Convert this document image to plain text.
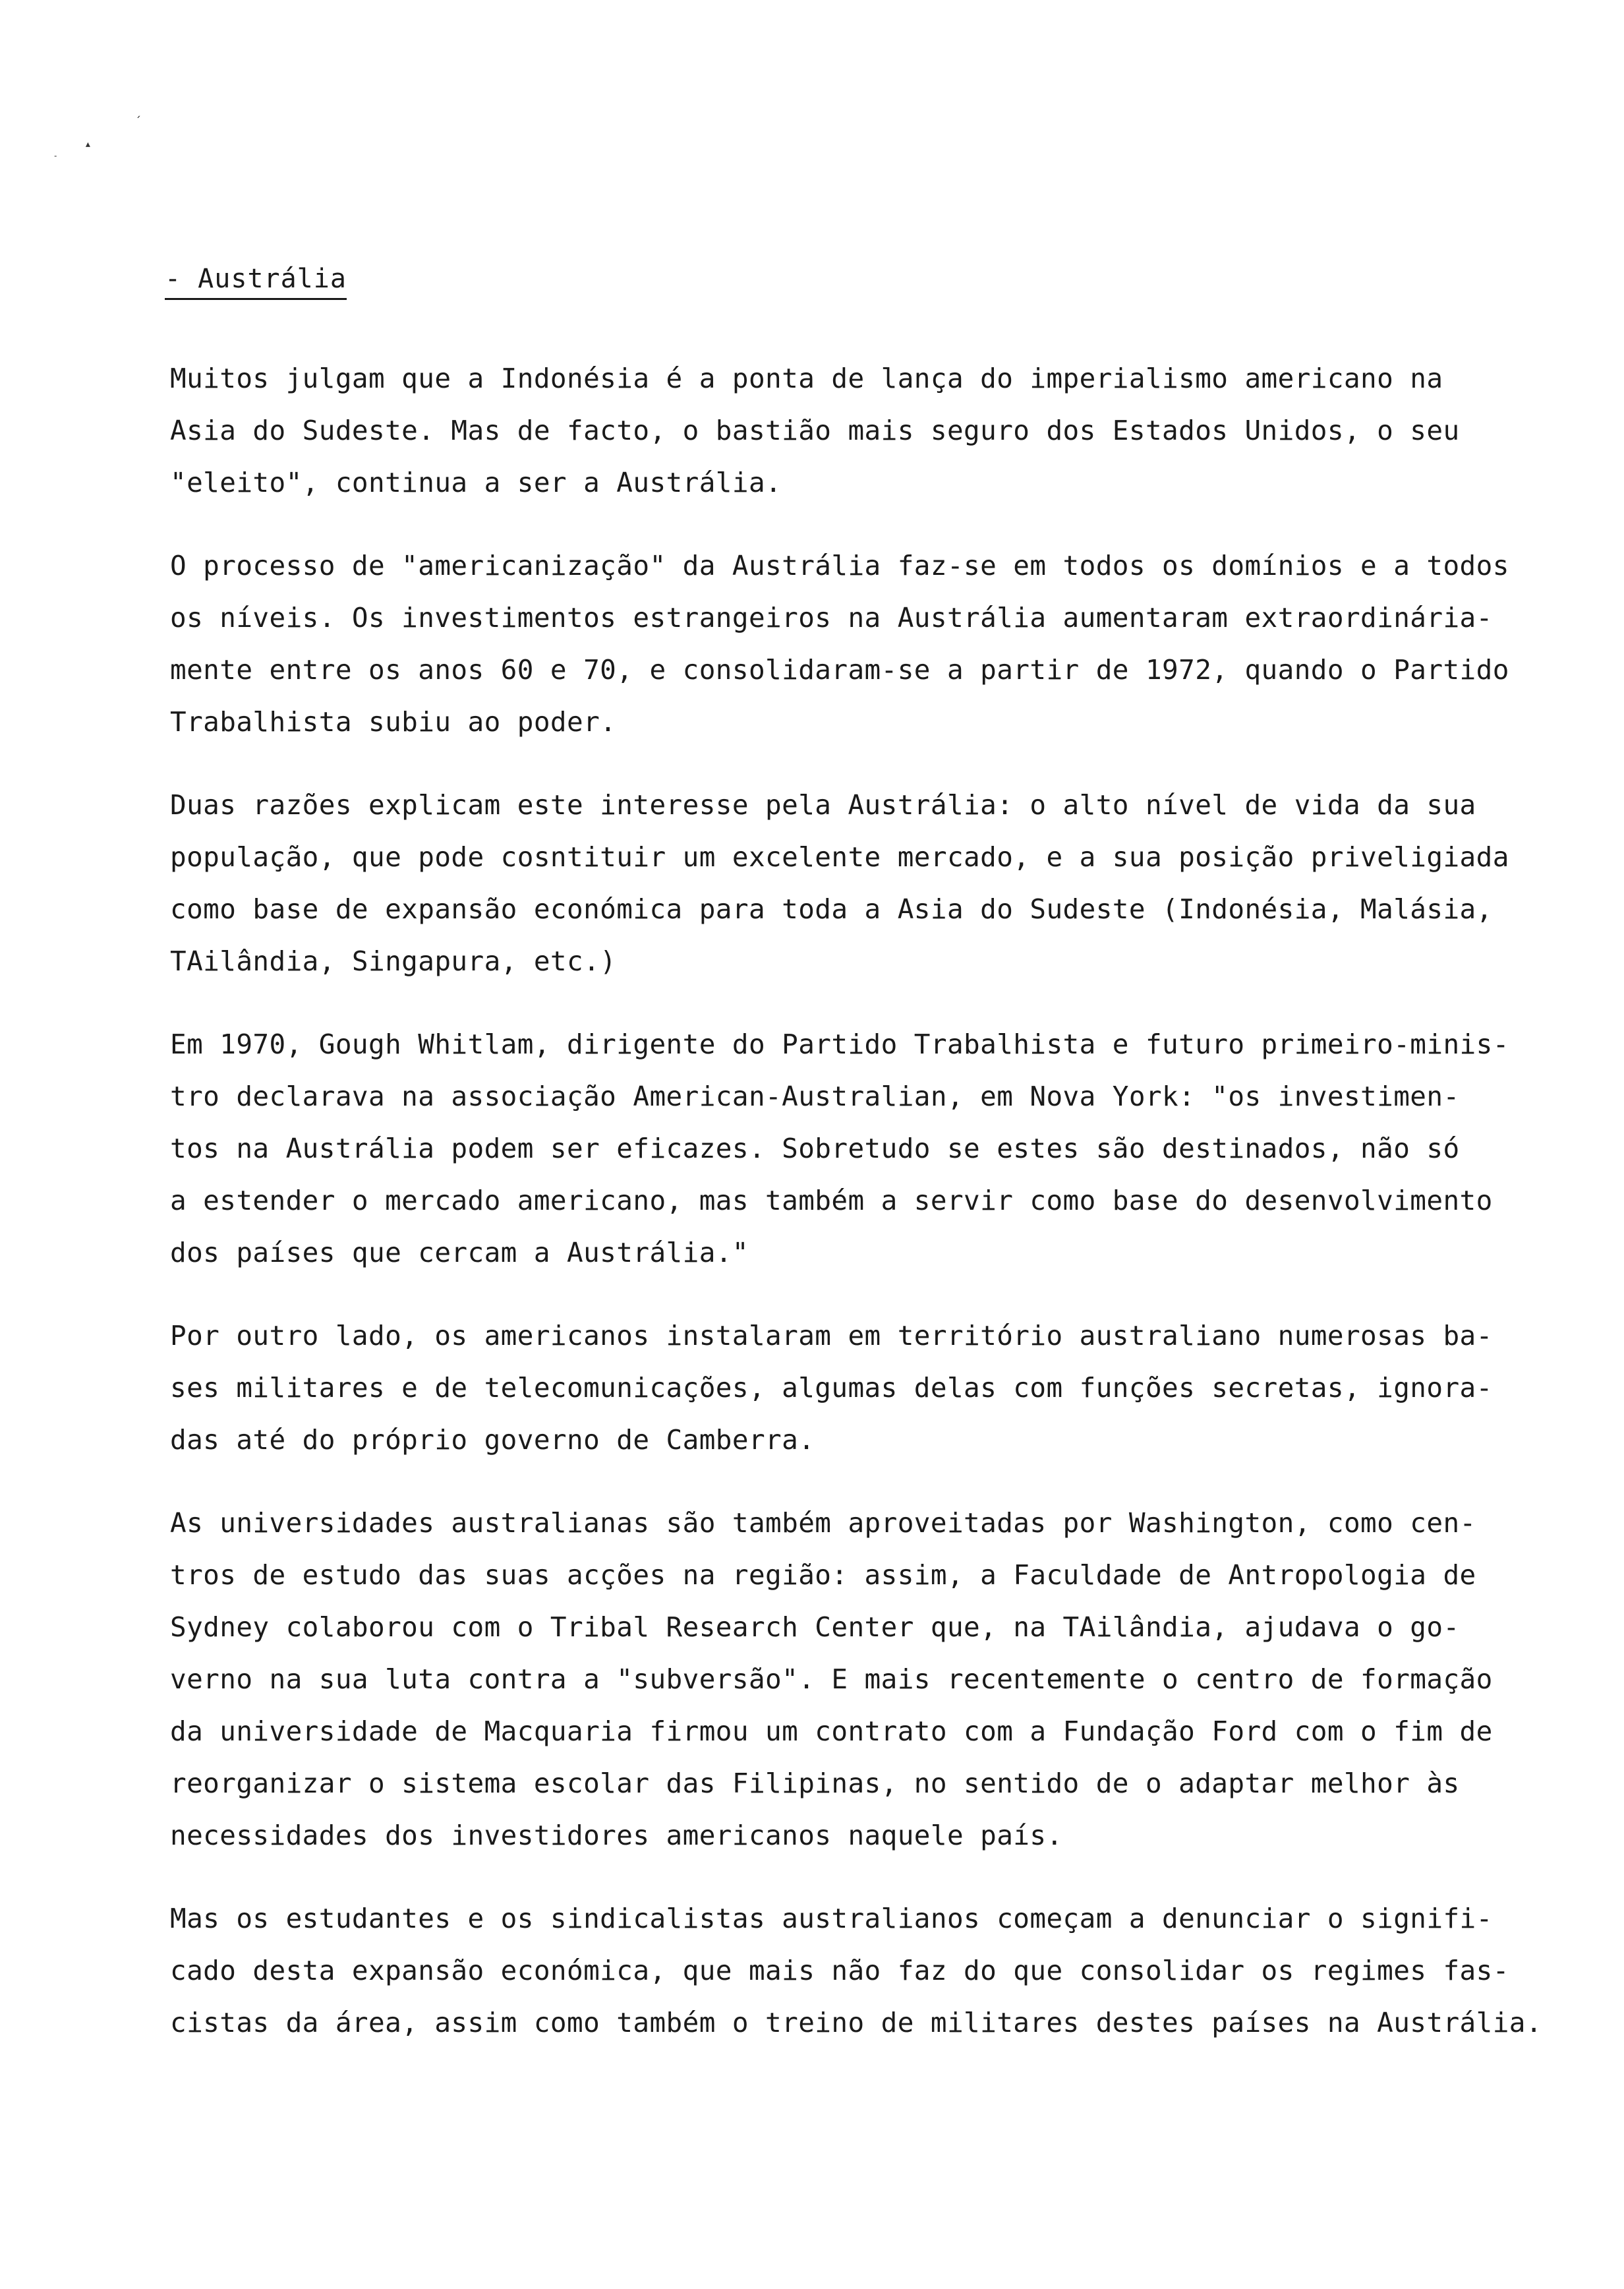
ˏ
▴
˗
- Austrália
Muitos julgam que a Indonésia é a ponta de lança do imperialismo americano na
Asia do Sudeste. Mas de facto, o bastião mais seguro dos Estados Unidos, o seu
"eleito", continua a ser a Austrália.
O processo de "americanização" da Austrália faz-se em todos os domínios e a todos
os níveis. Os investimentos estrangeiros na Austrália aumentaram extraordinária-
mente entre os anos 60 e 70, e consolidaram-se a partir de 1972, quando o Partido
Trabalhista subiu ao poder.
Duas razões explicam este interesse pela Austrália: o alto nível de vida da sua
população, que pode cosntituir um excelente mercado, e a sua posição priveligiada
como base de expansão económica para toda a Asia do Sudeste (Indonésia, Malásia,
TAilândia, Singapura, etc.)
Em 1970, Gough Whitlam, dirigente do Partido Trabalhista e futuro primeiro-minis-
tro declarava na associação American-Australian, em Nova York: "os investimen-
tos na Austrália podem ser eficazes. Sobretudo se estes são destinados, não só
a estender o mercado americano, mas também a servir como base do desenvolvimento
dos países que cercam a Austrália."
Por outro lado, os americanos instalaram em território australiano numerosas ba-
ses militares e de telecomunicações, algumas delas com funções secretas, ignora-
das até do próprio governo de Camberra.
As universidades australianas são também aproveitadas por Washington, como cen-
tros de estudo das suas acções na região: assim, a Faculdade de Antropologia de
Sydney colaborou com o Tribal Research Center que, na TAilândia, ajudava o go-
verno na sua luta contra a "subversão". E mais recentemente o centro de formação
da universidade de Macquaria firmou um contrato com a Fundação Ford com o fim de
reorganizar o sistema escolar das Filipinas, no sentido de o adaptar melhor às
necessidades dos investidores americanos naquele país.
Mas os estudantes e os sindicalistas australianos começam a denunciar o signifi-
cado desta expansão económica, que mais não faz do que consolidar os regimes fas-
cistas da área, assim como também o treino de militares destes países na Austrália.
